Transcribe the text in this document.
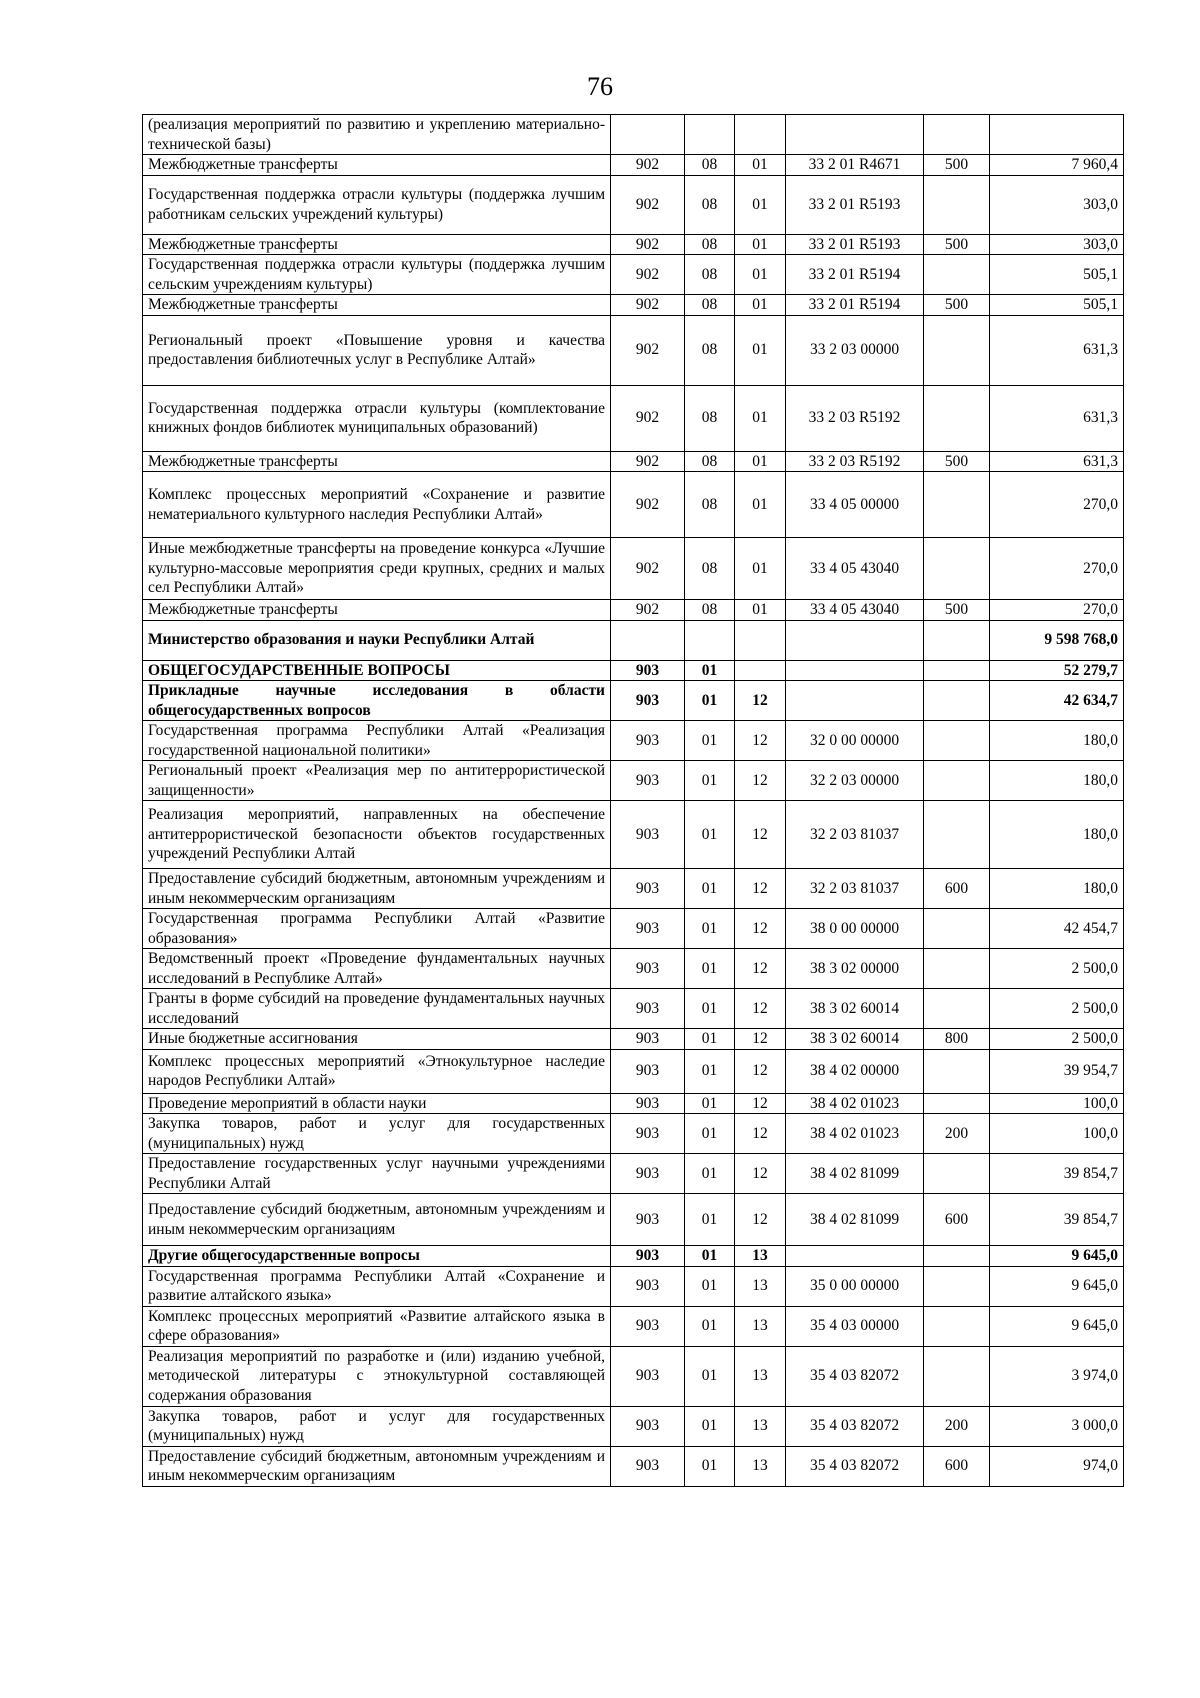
76
(реализация мероприятий по развитию и укреплению материально-технической базы)						
Межбюджетные трансферты	902	08	01	33 2 01 R4671	500	7 960,4
Государственная поддержка отрасли культуры (поддержка лучшим работникам сельских учреждений культуры)	902	08	01	33 2 01 R5193		303,0
Межбюджетные трансферты	902	08	01	33 2 01 R5193	500	303,0
Государственная поддержка отрасли культуры (поддержка лучшим сельским учреждениям культуры)	902	08	01	33 2 01 R5194		505,1
Межбюджетные трансферты	902	08	01	33 2 01 R5194	500	505,1
Региональный проект «Повышение уровня и качества предоставления библиотечных услуг в Республике Алтай»	902	08	01	33 2 03 00000		631,3
Государственная поддержка отрасли культуры (комплектование книжных фондов библиотек муниципальных образований)	902	08	01	33 2 03 R5192		631,3
Межбюджетные трансферты	902	08	01	33 2 03 R5192	500	631,3
Комплекс процессных мероприятий «Сохранение и развитие нематериального культурного наследия Республики Алтай»	902	08	01	33 4 05 00000		270,0
Иные межбюджетные трансферты на проведение конкурса «Лучшие культурно-массовые мероприятия среди крупных, средних и малых сел Республики Алтай»	902	08	01	33 4 05 43040		270,0
Межбюджетные трансферты	902	08	01	33 4 05 43040	500	270,0
Министерство образования и науки Республики Алтай						9 598 768,0
ОБЩЕГОСУДАРСТВЕННЫЕ ВОПРОСЫ	903	01				52 279,7
Прикладные научные исследования в области общегосударственных вопросов	903	01	12			42 634,7
Государственная программа Республики Алтай «Реализация государственной национальной политики»	903	01	12	32 0 00 00000		180,0
Региональный проект «Реализация мер по антитеррористической защищенности»	903	01	12	32 2 03 00000		180,0
Реализация мероприятий, направленных на обеспечение антитеррористической безопасности объектов государственных учреждений Республики Алтай	903	01	12	32 2 03 81037		180,0
Предоставление субсидий бюджетным, автономным учреждениям и иным некоммерческим организациям	903	01	12	32 2 03 81037	600	180,0
Государственная программа Республики Алтай «Развитие образования»	903	01	12	38 0 00 00000		42 454,7
Ведомственный проект «Проведение фундаментальных научных исследований в Республике Алтай»	903	01	12	38 3 02 00000		2 500,0
Гранты в форме субсидий на проведение фундаментальных научных исследований	903	01	12	38 3 02 60014		2 500,0
Иные бюджетные ассигнования	903	01	12	38 3 02 60014	800	2 500,0
Комплекс процессных мероприятий «Этнокультурное наследие народов Республики Алтай»	903	01	12	38 4 02 00000		39 954,7
Проведение мероприятий в области науки	903	01	12	38 4 02 01023		100,0
Закупка товаров, работ и услуг для государственных (муниципальных) нужд	903	01	12	38 4 02 01023	200	100,0
Предоставление государственных услуг научными учреждениями Республики Алтай	903	01	12	38 4 02 81099		39 854,7
Предоставление субсидий бюджетным, автономным учреждениям и иным некоммерческим организациям	903	01	12	38 4 02 81099	600	39 854,7
Другие общегосударственные вопросы	903	01	13			9 645,0
Государственная программа Республики Алтай «Сохранение и развитие алтайского языка»	903	01	13	35 0 00 00000		9 645,0
Комплекс процессных мероприятий «Развитие алтайского языка в сфере образования»	903	01	13	35 4 03 00000		9 645,0
Реализация мероприятий по разработке и (или) изданию учебной, методической литературы с этнокультурной составляющей содержания образования	903	01	13	35 4 03 82072		3 974,0
Закупка товаров, работ и услуг для государственных (муниципальных) нужд	903	01	13	35 4 03 82072	200	3 000,0
Предоставление субсидий бюджетным, автономным учреждениям и иным некоммерческим организациям	903	01	13	35 4 03 82072	600	974,0
